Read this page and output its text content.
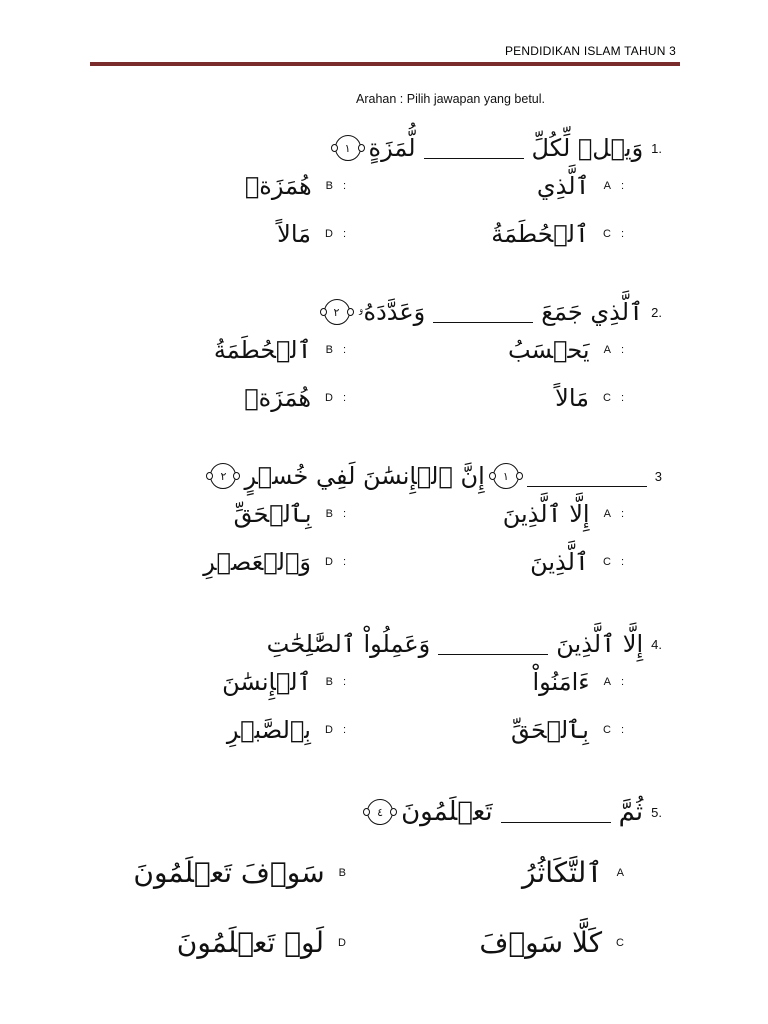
PENDIDIKAN ISLAM TAHUN 3
Arahan : Pilih jawapan yang betul.
1.
وَيۡلٞ لِّكُلِّ
لُّمَزَةٍ
١
A :
ٱلَّذِي
B :
هُمَزَةٖ
C :
ٱلۡحُطَمَةُ
D :
مَالاً
2.
ٱلَّذِي جَمَعَ
وَعَدَّدَهُۥ
٢
A :
يَحۡسَبُ
B :
ٱلۡحُطَمَةُ
C :
مَالاً
D :
هُمَزَةٖ
3
١
إِنَّ ٱلۡإِنسَٰنَ لَفِي خُسۡرٍ
٢
A :
إِلَّا ٱلَّذِينَ
B :
بِٱلۡحَقِّ
C :
ٱلَّذِينَ
D :
وَٱلۡعَصۡرِ
4.
إِلَّا ٱلَّذِينَ
وَعَمِلُواْ ٱلصَّٰلِحَٰتِ
A :
ءَامَنُواْ
B :
ٱلۡإِنسَٰنَ
C :
بِٱلۡحَقِّ
D :
بِٱلصَّبۡرِ
5.
ثُمَّ
تَعۡلَمُونَ
٤
A
ٱلتَّكَاثُرُ
B
سَوۡفَ تَعۡلَمُونَ
C
كَلَّا سَوۡفَ
D
لَوۡ تَعۡلَمُونَ
